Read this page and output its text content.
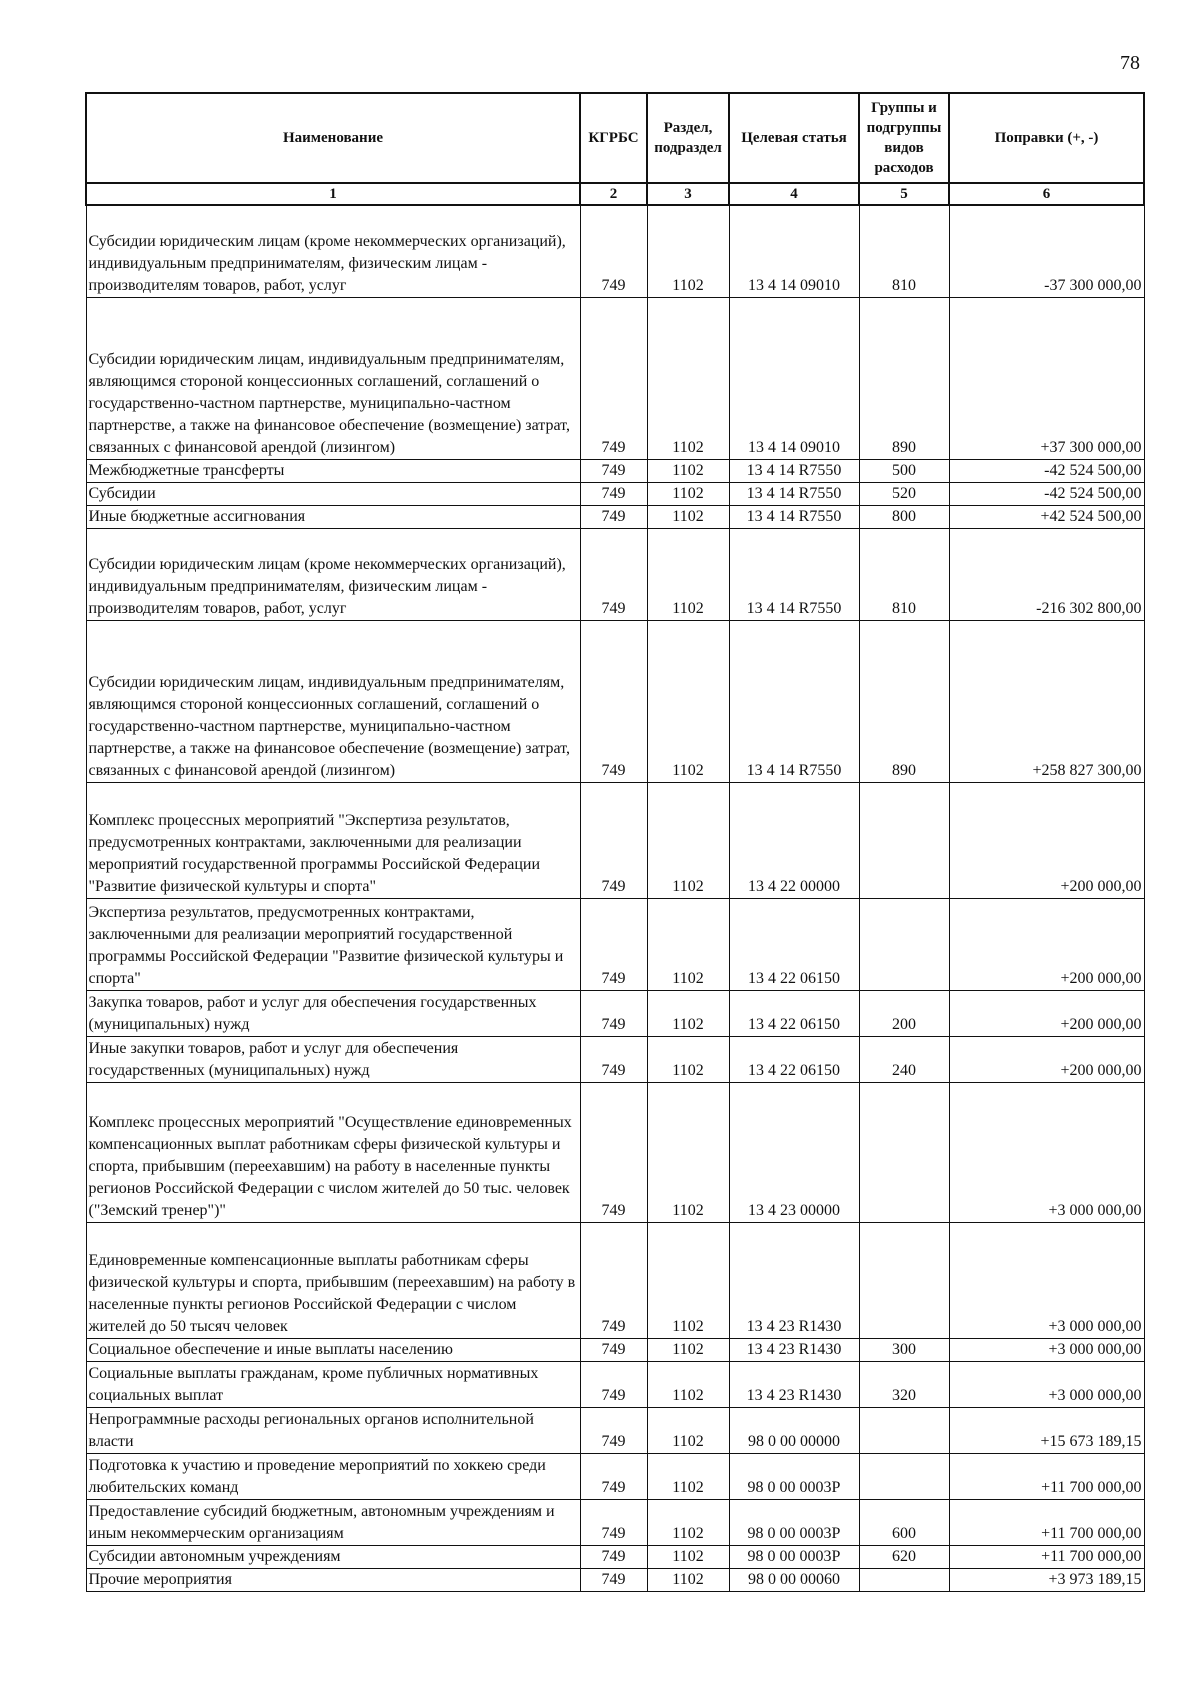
78
Наименование	КГРБС	Раздел, подраздел	Целевая статья	Группы и подгруппы видов расходов	Поправки (+, -)
1	2	3	4	5	6
Субсидии юридическим лицам (кроме некоммерческих организаций), индивидуальным предпринимателям, физическим лицам - производителям товаров, работ, услуг	749	1102	13 4 14 09010	810	-37 300 000,00
Субсидии юридическим лицам, индивидуальным предпринимателям, являющимся стороной концессионных соглашений, соглашений о государственно-частном партнерстве, муниципально-частном партнерстве, а также на финансовое обеспечение (возмещение) затрат, связанных с финансовой арендой (лизингом)	749	1102	13 4 14 09010	890	+37 300 000,00
Межбюджетные трансферты	749	1102	13 4 14 R7550	500	-42 524 500,00
Субсидии	749	1102	13 4 14 R7550	520	-42 524 500,00
Иные бюджетные ассигнования	749	1102	13 4 14 R7550	800	+42 524 500,00
Субсидии юридическим лицам (кроме некоммерческих организаций), индивидуальным предпринимателям, физическим лицам - производителям товаров, работ, услуг	749	1102	13 4 14 R7550	810	-216 302 800,00
Субсидии юридическим лицам, индивидуальным предпринимателям, являющимся стороной концессионных соглашений, соглашений о государственно-частном партнерстве, муниципально-частном партнерстве, а также на финансовое обеспечение (возмещение) затрат, связанных с финансовой арендой (лизингом)	749	1102	13 4 14 R7550	890	+258 827 300,00
Комплекс процессных мероприятий "Экспертиза результатов, предусмотренных контрактами, заключенными для реализации мероприятий государственной программы Российской Федерации "Развитие физической культуры и спорта"	749	1102	13 4 22 00000		+200 000,00
Экспертиза результатов, предусмотренных контрактами, заключенными для реализации мероприятий государственной программы Российской Федерации "Развитие физической культуры и спорта"	749	1102	13 4 22 06150		+200 000,00
Закупка товаров, работ и услуг для обеспечения государственных (муниципальных) нужд	749	1102	13 4 22 06150	200	+200 000,00
Иные закупки товаров, работ и услуг для обеспечения государственных (муниципальных) нужд	749	1102	13 4 22 06150	240	+200 000,00
Комплекс процессных мероприятий "Осуществление единовременных компенсационных выплат работникам сферы физической культуры и спорта, прибывшим (переехавшим) на работу в населенные пункты регионов Российской Федерации с числом жителей до 50 тыс. человек ("Земский тренер")"	749	1102	13 4 23 00000		+3 000 000,00
Единовременные компенсационные выплаты работникам сферы физической культуры и спорта, прибывшим (переехавшим) на работу в населенные пункты регионов Российской Федерации с числом жителей до 50 тысяч человек	749	1102	13 4 23 R1430		+3 000 000,00
Социальное обеспечение и иные выплаты населению	749	1102	13 4 23 R1430	300	+3 000 000,00
Социальные выплаты гражданам, кроме публичных нормативных социальных выплат	749	1102	13 4 23 R1430	320	+3 000 000,00
Непрограммные расходы региональных органов исполнительной власти	749	1102	98 0 00 00000		+15 673 189,15
Подготовка к участию и проведение мероприятий по хоккею среди любительских команд	749	1102	98 0 00 0003Р		+11 700 000,00
Предоставление субсидий бюджетным, автономным учреждениям и иным некоммерческим организациям	749	1102	98 0 00 0003Р	600	+11 700 000,00
Субсидии автономным учреждениям	749	1102	98 0 00 0003Р	620	+11 700 000,00
Прочие мероприятия	749	1102	98 0 00 00060		+3 973 189,15
